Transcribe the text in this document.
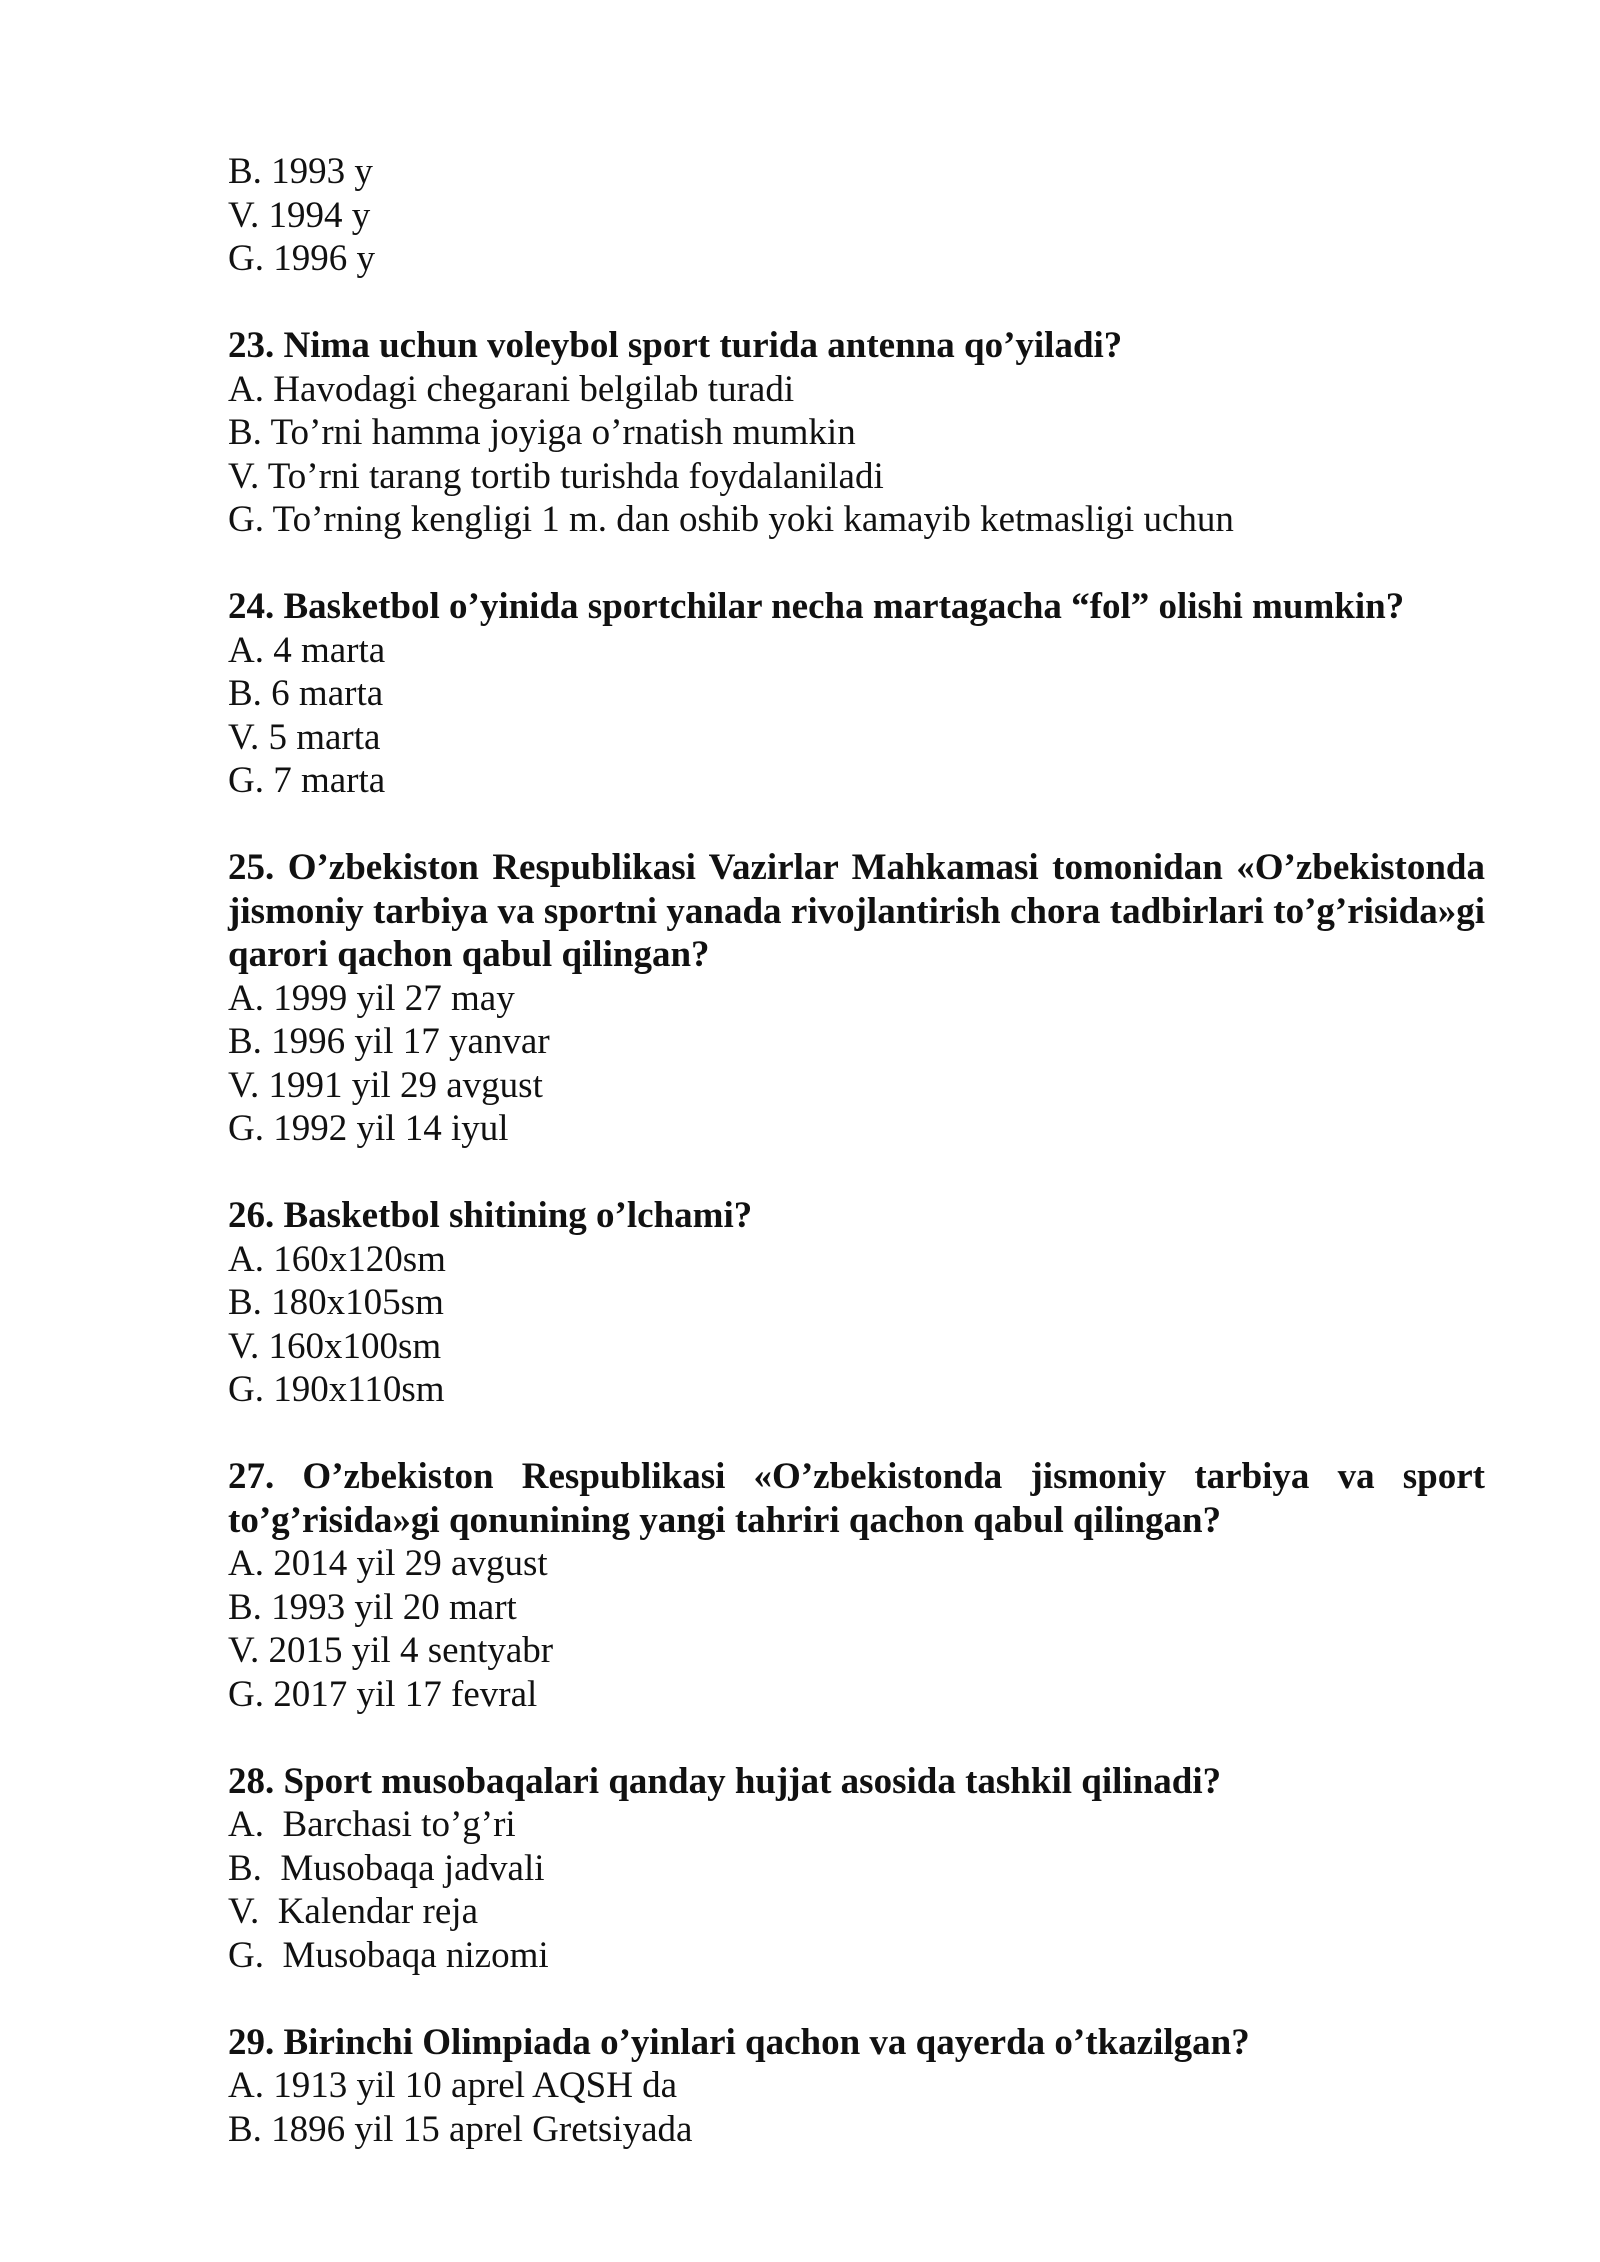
B. 1993 y

V. 1994 y

G. 1996 y

23. Nima uchun voleybol sport turida antenna qo’yiladi?

A. Havodagi chegarani belgilab turadi

B. To’rni hamma joyiga o’rnatish mumkin

V. To’rni tarang tortib turishda foydalaniladi

G. To’rning kengligi 1 m. dan oshib yoki kamayib ketmasligi uchun

24. Basketbol o’yinida sportchilar necha martagacha “fol” olishi mumkin?

A. 4 marta

B. 6 marta

V. 5 marta

G. 7 marta

25. O’zbekiston Respublikasi Vazirlar Mahkamasi tomonidan «O’zbekistonda jismoniy tarbiya va sportni yanada rivojlantirish chora tadbirlari to’g’risida»gi qarori qachon qabul qilingan?

A. 1999 yil 27 may

B. 1996 yil 17 yanvar

V. 1991 yil 29 avgust

G. 1992 yil 14 iyul

26. Basketbol shitining o’lchami?

A. 160x120sm

B. 180x105sm

V. 160x100sm

G. 190x110sm

27. O’zbekiston Respublikasi «O’zbekistonda jismoniy tarbiya va sport to’g’risida»gi qonunining yangi tahriri qachon qabul qilingan?

A. 2014 yil 29 avgust

B. 1993 yil 20 mart

V. 2015 yil 4 sentyabr

G. 2017 yil 17 fevral

28. Sport musobaqalari qanday hujjat asosida tashkil qilinadi?

A.  Barchasi to’g’ri

B.  Musobaqa jadvali

V.  Kalendar reja

G.  Musobaqa nizomi

29. Birinchi Olimpiada o’yinlari qachon va qayerda o’tkazilgan?

A. 1913 yil 10 aprel AQSH da

B. 1896 yil 15 aprel Gretsiyada
